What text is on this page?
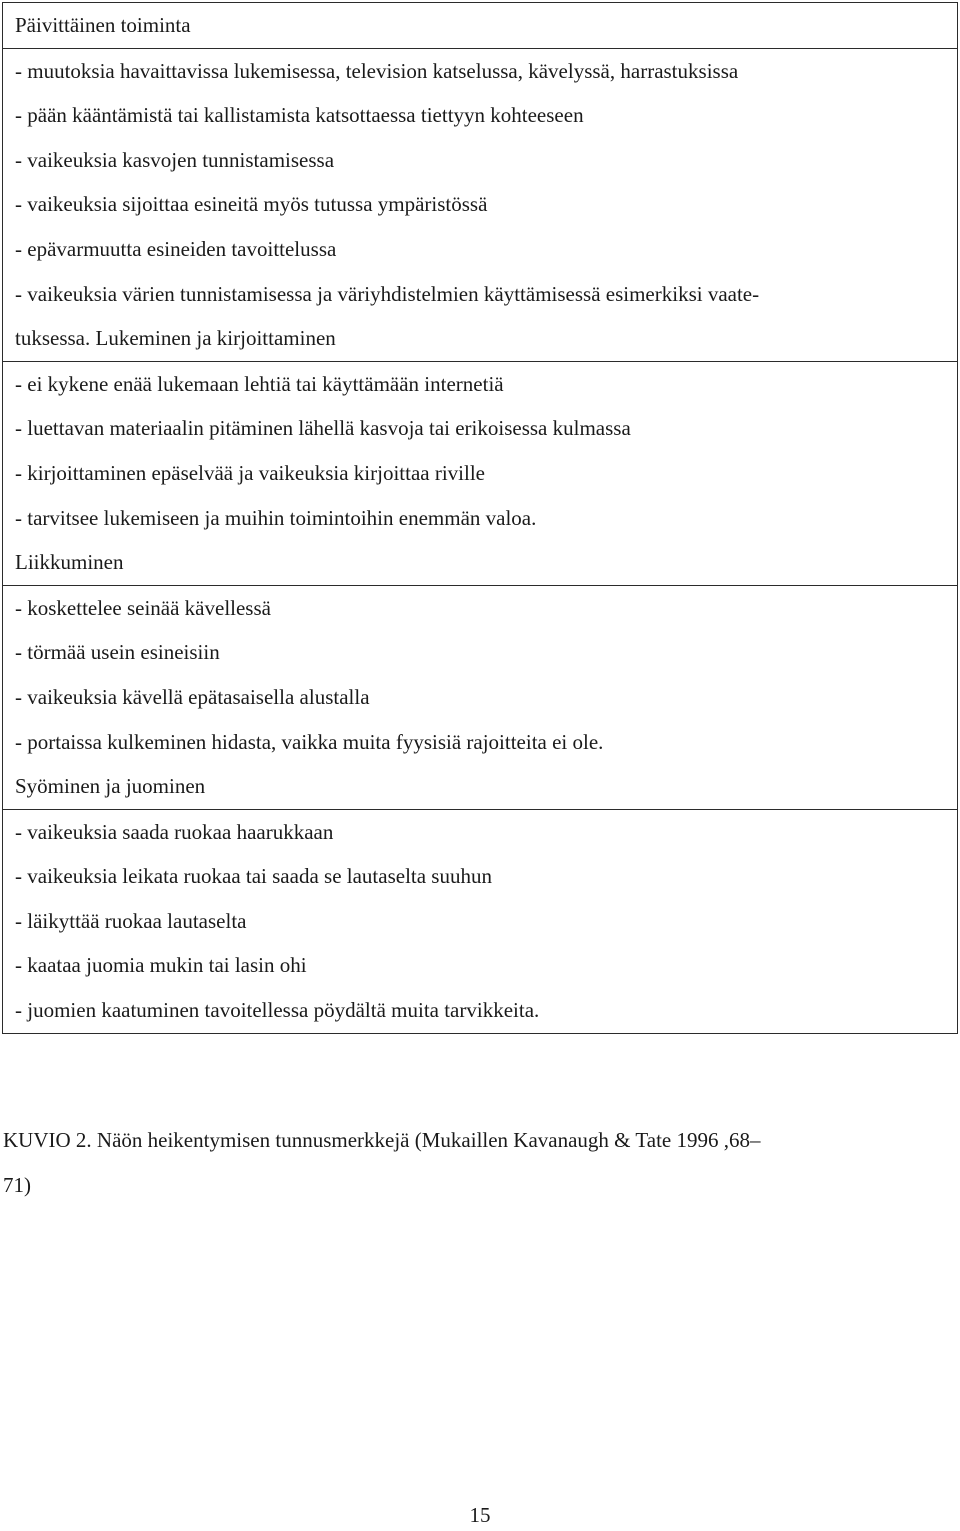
Päivittäinen toiminta
- muutoksia havaittavissa lukemisessa, television katselussa, kävelyssä, harrastuksissa
- pään kääntämistä tai kallistamista katsottaessa tiettyyn kohteeseen
- vaikeuksia kasvojen tunnistamisessa
- vaikeuksia sijoittaa esineitä myös tutussa ympäristössä
- epävarmuutta esineiden tavoittelussa
- vaikeuksia värien tunnistamisessa ja väriyhdistelmien käyttämisessä esimerkiksi vaate-
tuksessa. Lukeminen ja kirjoittaminen
- ei kykene enää lukemaan lehtiä tai käyttämään internetiä
- luettavan materiaalin pitäminen lähellä kasvoja tai erikoisessa kulmassa
- kirjoittaminen epäselvää ja vaikeuksia kirjoittaa riville
- tarvitsee lukemiseen ja muihin toimintoihin enemmän valoa.
Liikkuminen
- koskettelee seinää kävellessä
- törmää usein esineisiin
- vaikeuksia kävellä epätasaisella alustalla
- portaissa kulkeminen hidasta, vaikka muita fyysisiä rajoitteita ei ole.
Syöminen ja juominen
- vaikeuksia saada ruokaa haarukkaan
- vaikeuksia leikata ruokaa tai saada se lautaselta suuhun
- läikyttää ruokaa lautaselta
- kaataa juomia mukin tai lasin ohi
- juomien kaatuminen tavoitellessa pöydältä muita tarvikkeita.
KUVIO 2. Näön heikentymisen tunnusmerkkejä (Mukaillen Kavanaugh & Tate 1996 ,68–
71)
15
